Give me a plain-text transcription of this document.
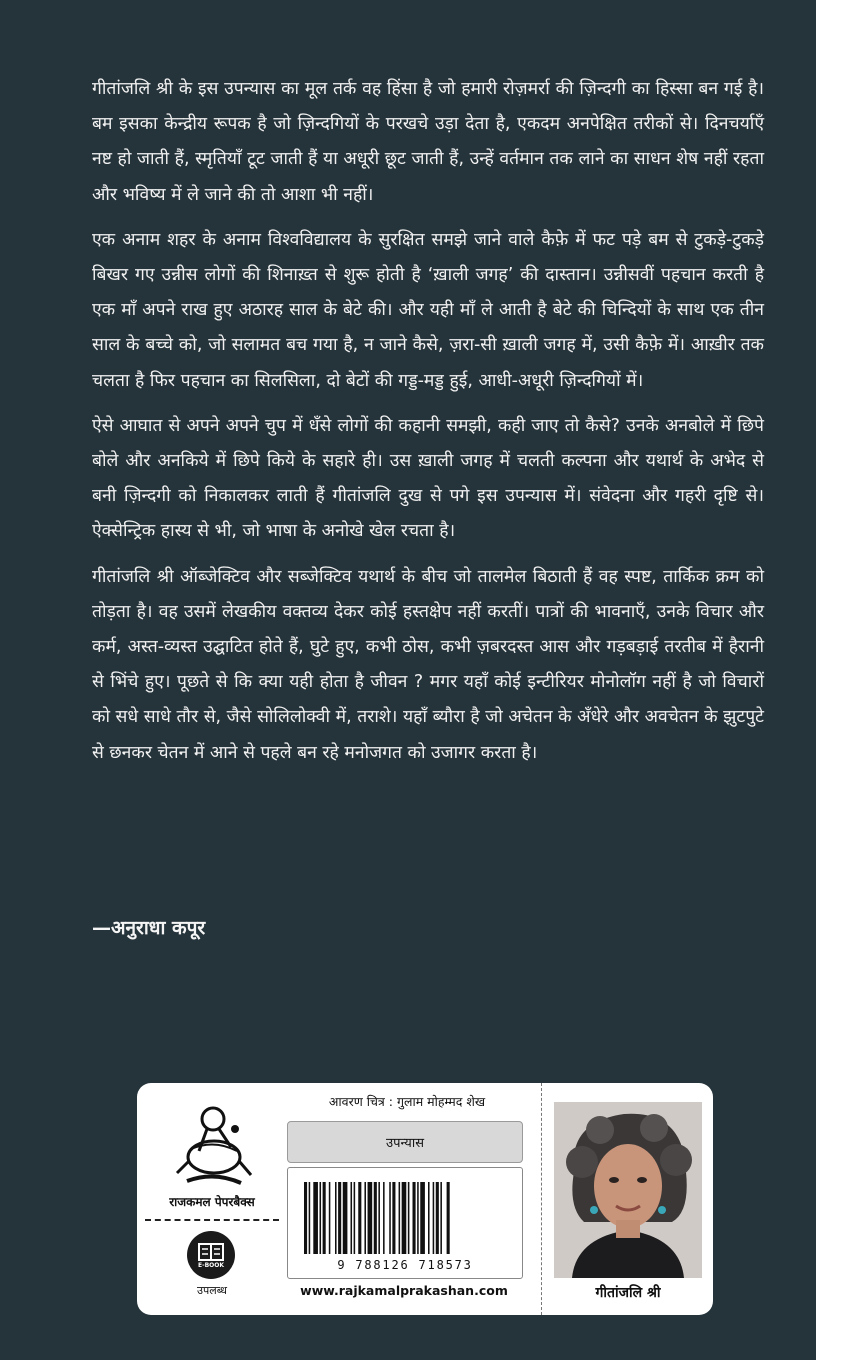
गीतांजलि श्री के इस उपन्यास का मूल तर्क वह हिंसा है जो हमारी रोज़मर्रा की ज़िन्दगी का हिस्सा बन गई है। बम इसका केन्द्रीय रूपक है जो ज़िन्दगियों के परखचे उड़ा देता है, एकदम अनपेक्षित तरीकों से। दिनचर्याएँ नष्ट हो जाती हैं, स्मृतियाँ टूट जाती हैं या अधूरी छूट जाती हैं, उन्हें वर्तमान तक लाने का साधन शेष नहीं रहता और भविष्य में ले जाने की तो आशा भी नहीं।

एक अनाम शहर के अनाम विश्वविद्यालय के सुरक्षित समझे जाने वाले कैफ़े में फट पड़े बम से टुकड़े-टुकड़े बिखर गए उन्नीस लोगों की शिनाख़्त से शुरू होती है ‘ख़ाली जगह’ की दास्तान। उन्नीसवीं पहचान करती है एक माँ अपने राख हुए अठारह साल के बेटे की। और यही माँ ले आती है बेटे की चिन्दियों के साथ एक तीन साल के बच्चे को, जो सलामत बच गया है, न जाने कैसे, ज़रा-सी ख़ाली जगह में, उसी कैफ़े में। आख़ीर तक चलता है फिर पहचान का सिलसिला, दो बेटों की गड्ड-मड्ड हुई, आधी-अधूरी ज़िन्दगियों में।

ऐसे आघात से अपने अपने चुप में धँसे लोगों की कहानी समझी, कही जाए तो कैसे? उनके अनबोले में छिपे बोले और अनकिये में छिपे किये के सहारे ही। उस ख़ाली जगह में चलती कल्पना और यथार्थ के अभेद से बनी ज़िन्दगी को निकालकर लाती हैं गीतांजलि दुख से पगे इस उपन्यास में। संवेदना और गहरी दृष्टि से। ऐक्सेन्ट्रिक हास्य से भी, जो भाषा के अनोखे खेल रचता है।

गीतांजलि श्री ऑब्जेक्टिव और सब्जेक्टिव यथार्थ के बीच जो तालमेल बिठाती हैं वह स्पष्ट, तार्किक क्रम को तोड़ता है। वह उसमें लेखकीय वक्तव्य देकर कोई हस्तक्षेप नहीं करतीं। पात्रों की भावनाएँ, उनके विचार और कर्म, अस्त-व्यस्त उद्घाटित होते हैं, घुटे हुए, कभी ठोस, कभी ज़बरदस्त आस और गड़बड़ाई तरतीब में हैरानी से भिंचे हुए। पूछते से कि क्या यही होता है जीवन ? मगर यहाँ कोई इन्टीरियर मोनोलॉग नहीं है जो विचारों को सधे साधे तौर से, जैसे सोलिलोक्वी में, तराशे। यहाँ ब्यौरा है जो अचेतन के अँधेरे और अवचेतन के झुटपुटे से छनकर चेतन में आने से पहले बन रहे मनोजगत को उजागर करता है।

—अनुराधा कपूर
राजकमल पेपरबैक्स
E-BOOK
उपलब्ध
आवरण चित्र : गुलाम मोहम्मद शेख
उपन्यास
9 788126 718573
www.rajkamalprakashan.com	गीतांजलि श्री
